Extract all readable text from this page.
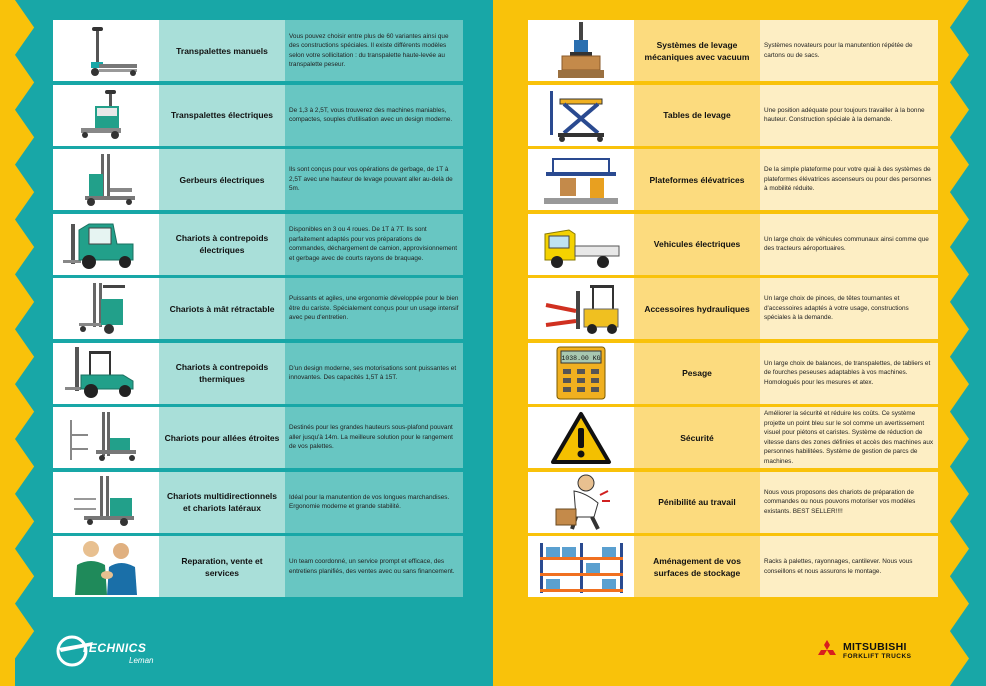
Transpalettes manuels
Vous pouvez choisir entre plus de 60 variantes ainsi que des constructions spéciales. Il existe différents modèles selon votre sollicitation : du transpalette haute-levée au transpalette peseur.
Transpalettes électriques	De 1,3 à 2,5T, vous trouverez des machines maniables, compactes, souples d'utilisation avec un design moderne.
Gerbeurs électriques
Ils sont conçus pour vos opérations de gerbage, de 1T à 2,5T avec une hauteur de levage pouvant aller au-delà de 5m.
Chariots à contrepoids électriques
Disponibles en 3 ou 4 roues. De 1T à 7T. Ils sont parfaitement adaptés pour vos préparations de commandes, déchargement de camion, approvisionnement et gerbage avec de courts rayons de braquage.
Chariots à mât rétractable
Puissants et agiles, une ergonomie développée pour le bien être du cariste. Spécialement conçus pour un usage intensif avec peu d'entretien.
Chariots à contrepoids thermiques
D'un design moderne, ses motorisations sont puissantes et innovantes. Des capacités 1,5T à 15T.
Chariots pour allées étroites
Destinés pour les grandes hauteurs sous-plafond pouvant aller jusqu'à 14m. La meilleure solution pour le rangement de vos palettes.
Chariots multidirectionnels et chariots latéraux
Idéal pour la manutention de vos longues marchandises. Ergonomie moderne et grande stabilité.
Reparation, vente et services
Un team coordonné, un service prompt et efficace, des entretiens planifiés, des ventes avec ou sans financement.
Systèmes de levage mécaniques avec vacuum
Systèmes novateurs pour la manutention répétée de cartons ou de sacs.
Tables de levage	Une position adéquate pour toujours travailler à la bonne hauteur. Construction spéciale à la demande.
Plateformes élévatrices
De la simple plateforme pour votre quai à des systèmes de plateformes élévatrices ascenseurs ou pour des personnes à mobilité réduite.
Vehicules électriques	Un large choix de véhicules communaux ainsi comme que des tracteurs aéroportuaires.
Accessoires hydrauliques
Un large choix de pinces, de têtes tournantes et d'accessoires adaptés à votre usage, constructions spéciales à la demande.
1038.00 KG
Pesage
Un large choix de balances, de transpalettes, de tabliers et de fourches peseuses adaptables à vos machines. Homologués pour les mesures et atex.
Sécurité
Améliorer la sécurité et réduire les coûts. Ce système projette un point bleu sur le sol comme un avertissement visuel pour piétons et caristes. Système de réduction de vitesse dans des zones définies et accès des machines aux personnes habilitées. Système de gestion de parcs de machines.
Pénibilité au travail
Nous vous proposons des chariots de préparation de commandes ou nous pouvons motoriser vos modèles existants. BEST SELLER!!!!
Aménagement de vos surfaces de stockage
Racks à palettes, rayonnages, cantilever. Nous vous conseillons et nous assurons le montage.
TECHNICS
Leman
MITSUBISHI
FORKLIFT TRUCKS
